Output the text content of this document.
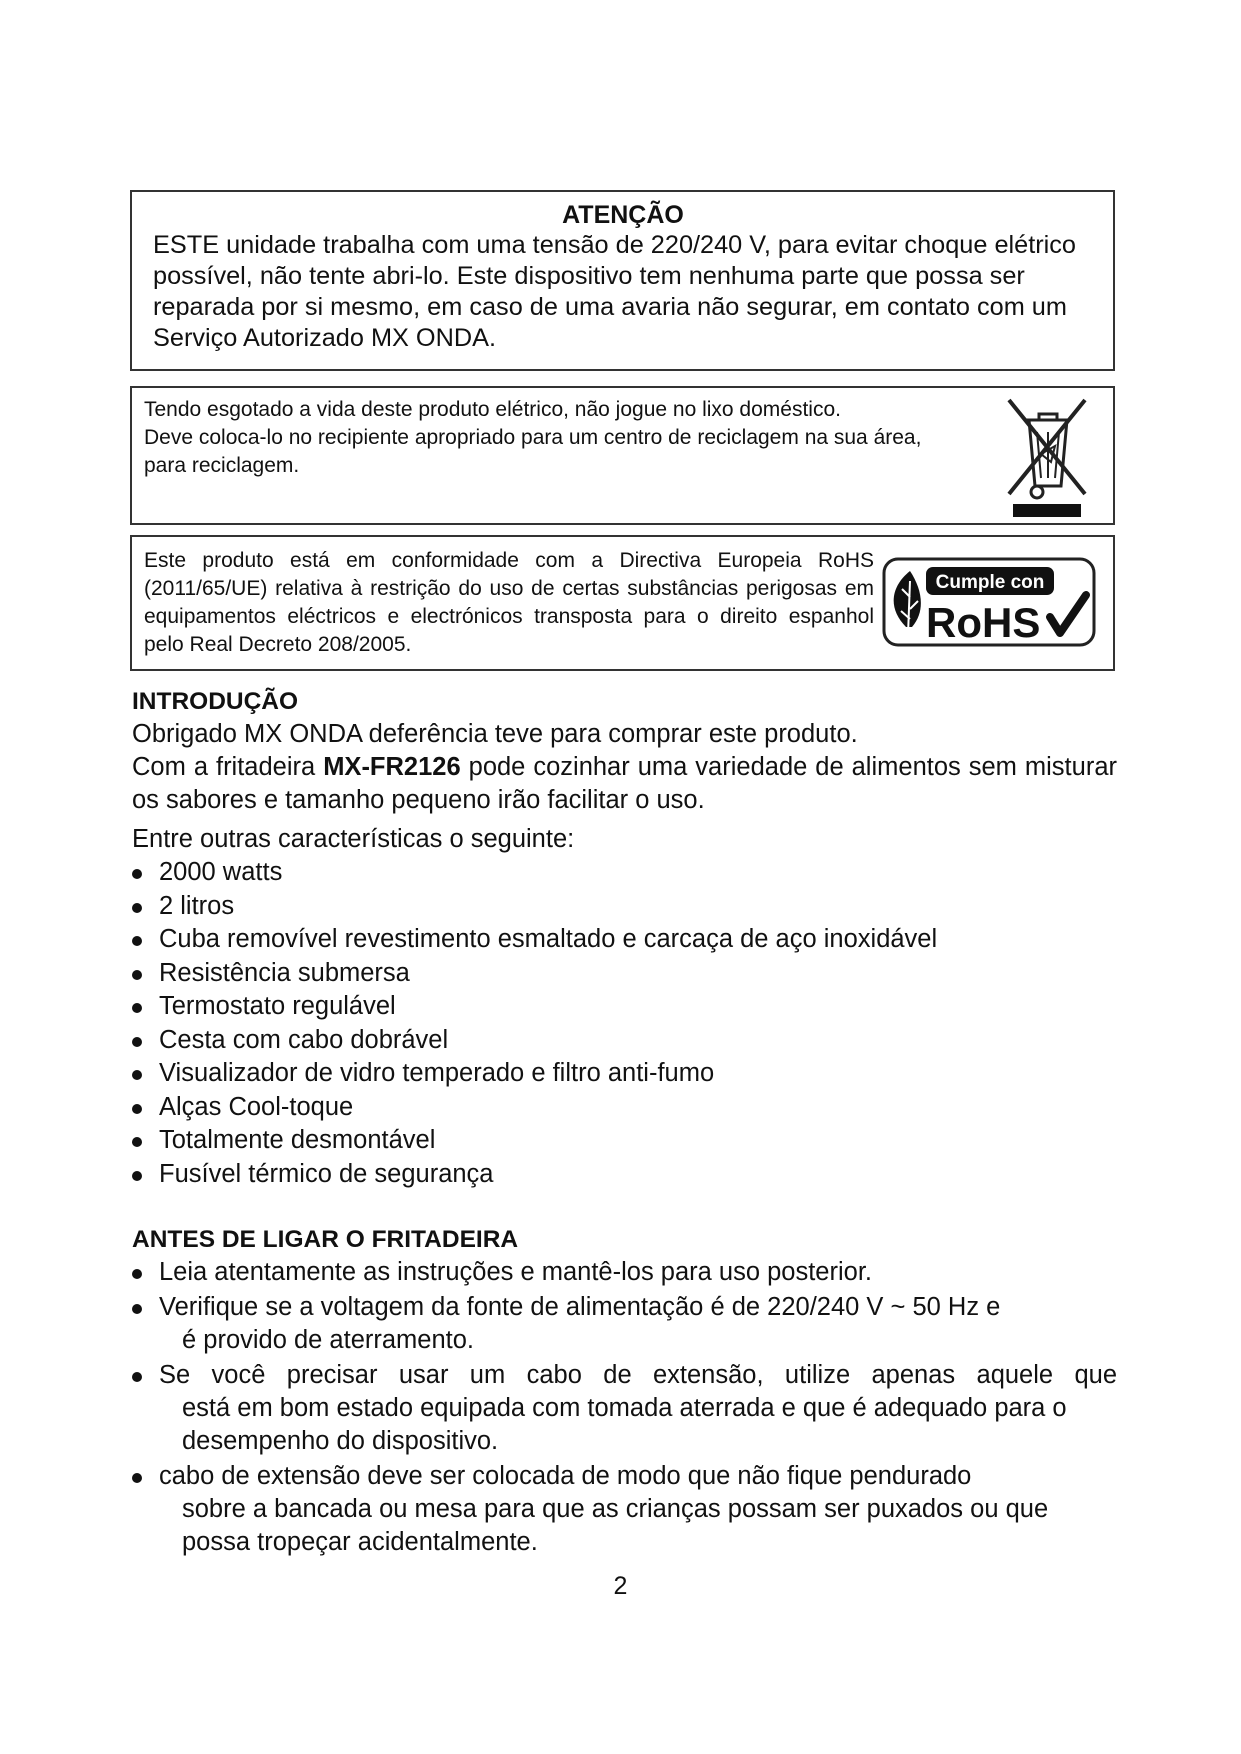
ATENÇÃO
ESTE unidade trabalha com uma tensão de 220/240 V, para evitar choque elétrico possível, não tente abri-lo. Este dispositivo tem nenhuma parte que possa ser reparada por si mesmo, em caso de uma avaria não segurar, em contato com um Serviço Autorizado MX ONDA.

Tendo esgotado a vida deste produto elétrico, não jogue no lixo doméstico.

Deve coloca-lo no recipiente apropriado para um centro de reciclagem na sua área, para reciclagem.

Este produto está em conformidade com a Directiva Europeia RoHS (2011/65/UE) relativa à restrição do uso de certas substâncias perigosas em equipamentos eléctricos e electrónicos transposta para o direito espanhol pelo Real Decreto 208/2005.
Cumple con
RoHS

INTRODUÇÃO

Obrigado MX ONDA deferência teve para comprar este produto.

Com a fritadeira MX-FR2126 pode cozinhar uma variedade de alimentos sem misturar os sabores e tamanho pequeno irão facilitar o uso.

Entre outras características o seguinte:

2000 watts
2 litros
Cuba removível revestimento esmaltado e carcaça de aço inoxidável
Resistência submersa
Termostato regulável
Cesta com cabo dobrável
Visualizador de vidro temperado e filtro anti-fumo
Alças Cool-toque
Totalmente desmontável
Fusível térmico de segurança

ANTES DE LIGAR O FRITADEIRA

Leia atentamente as instruções e mantê-los para uso posterior.
Verifique se a voltagem da fonte de alimentação é de 220/240 V ~ 50 Hz e
é provido de aterramento.
Se você precisar usar um cabo de extensão, utilize apenas aquele que
está em bom estado equipada com tomada aterrada e que é adequado para o desempenho do dispositivo.
cabo de extensão deve ser colocada de modo que não fique pendurado
sobre a bancada ou mesa para que as crianças possam ser puxados ou que possa tropeçar acidentalmente.
2
